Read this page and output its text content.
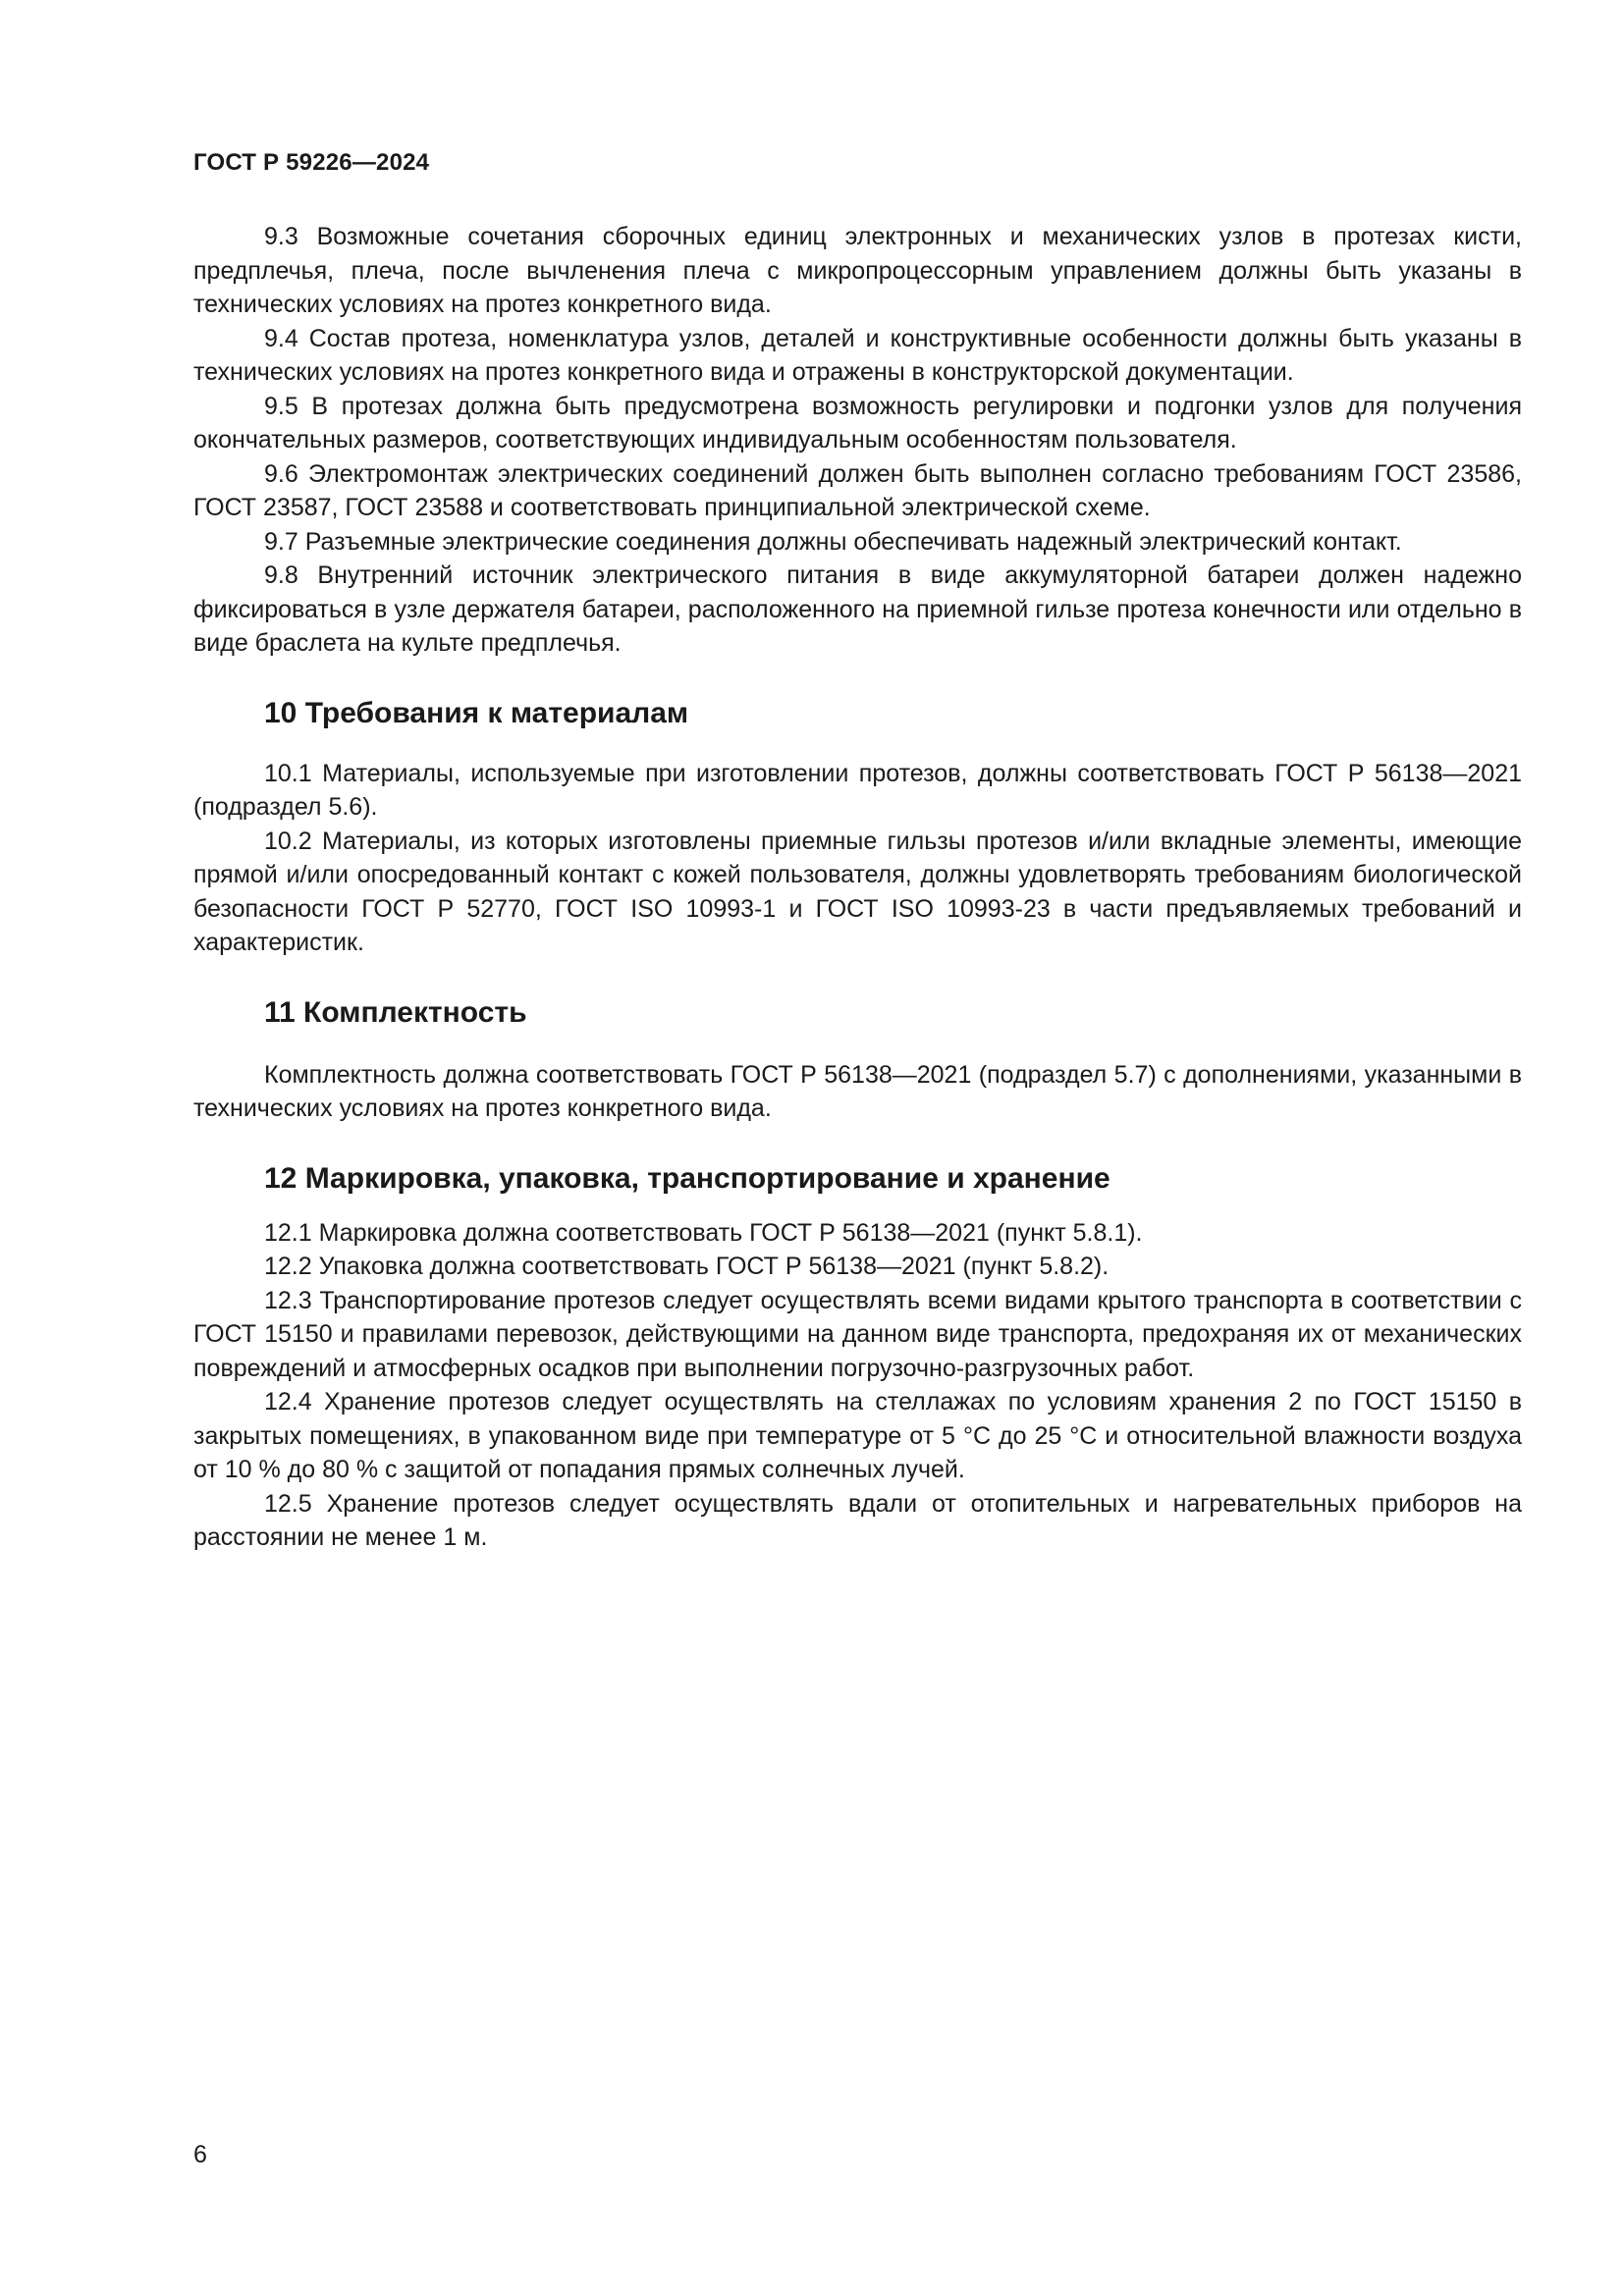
ГОСТ Р 59226—2024

9.3 Возможные сочетания сборочных единиц электронных и механических узлов в протезах кисти, предплечья, плеча, после вычленения плеча с микропроцессорным управлением должны быть указаны в технических условиях на протез конкретного вида.

9.4 Состав протеза, номенклатура узлов, деталей и конструктивные особенности должны быть указаны в технических условиях на протез конкретного вида и отражены в конструкторской документации.

9.5 В протезах должна быть предусмотрена возможность регулировки и подгонки узлов для получения окончательных размеров, соответствующих индивидуальным особенностям пользователя.

9.6 Электромонтаж электрических соединений должен быть выполнен согласно требованиям ГОСТ 23586, ГОСТ 23587, ГОСТ 23588 и соответствовать принципиальной электрической схеме.

9.7 Разъемные электрические соединения должны обеспечивать надежный электрический контакт.

9.8 Внутренний источник электрического питания в виде аккумуляторной батареи должен надежно фиксироваться в узле держателя батареи, расположенного на приемной гильзе протеза конечности или отдельно в виде браслета на культе предплечья.

10 Требования к материалам

10.1 Материалы, используемые при изготовлении протезов, должны соответствовать ГОСТ Р 56138—2021 (подраздел 5.6).

10.2 Материалы, из которых изготовлены приемные гильзы протезов и/или вкладные элементы, имеющие прямой и/или опосредованный контакт с кожей пользователя, должны удовлетворять требованиям биологической безопасности ГОСТ Р 52770, ГОСТ ISO 10993-1 и ГОСТ ISO 10993-23 в части предъявляемых требований и характеристик.

11 Комплектность

Комплектность должна соответствовать ГОСТ Р 56138—2021 (подраздел 5.7) с дополнениями, указанными в технических условиях на протез конкретного вида.

12 Маркировка, упаковка, транспортирование и хранение

12.1 Маркировка должна соответствовать ГОСТ Р 56138—2021 (пункт 5.8.1).

12.2 Упаковка должна соответствовать ГОСТ Р 56138—2021 (пункт 5.8.2).

12.3 Транспортирование протезов следует осуществлять всеми видами крытого транспорта в соответствии с ГОСТ 15150 и правилами перевозок, действующими на данном виде транспорта, предохраняя их от механических повреждений и атмосферных осадков при выполнении погрузочно-разгрузочных работ.

12.4 Хранение протезов следует осуществлять на стеллажах по условиям хранения 2 по ГОСТ 15150 в закрытых помещениях, в упакованном виде при температуре от 5 °С до 25 °С и относительной влажности воздуха от 10 % до 80 % с защитой от попадания прямых солнечных лучей.

12.5 Хранение протезов следует осуществлять вдали от отопительных и нагревательных приборов на расстоянии не менее 1 м.

6
